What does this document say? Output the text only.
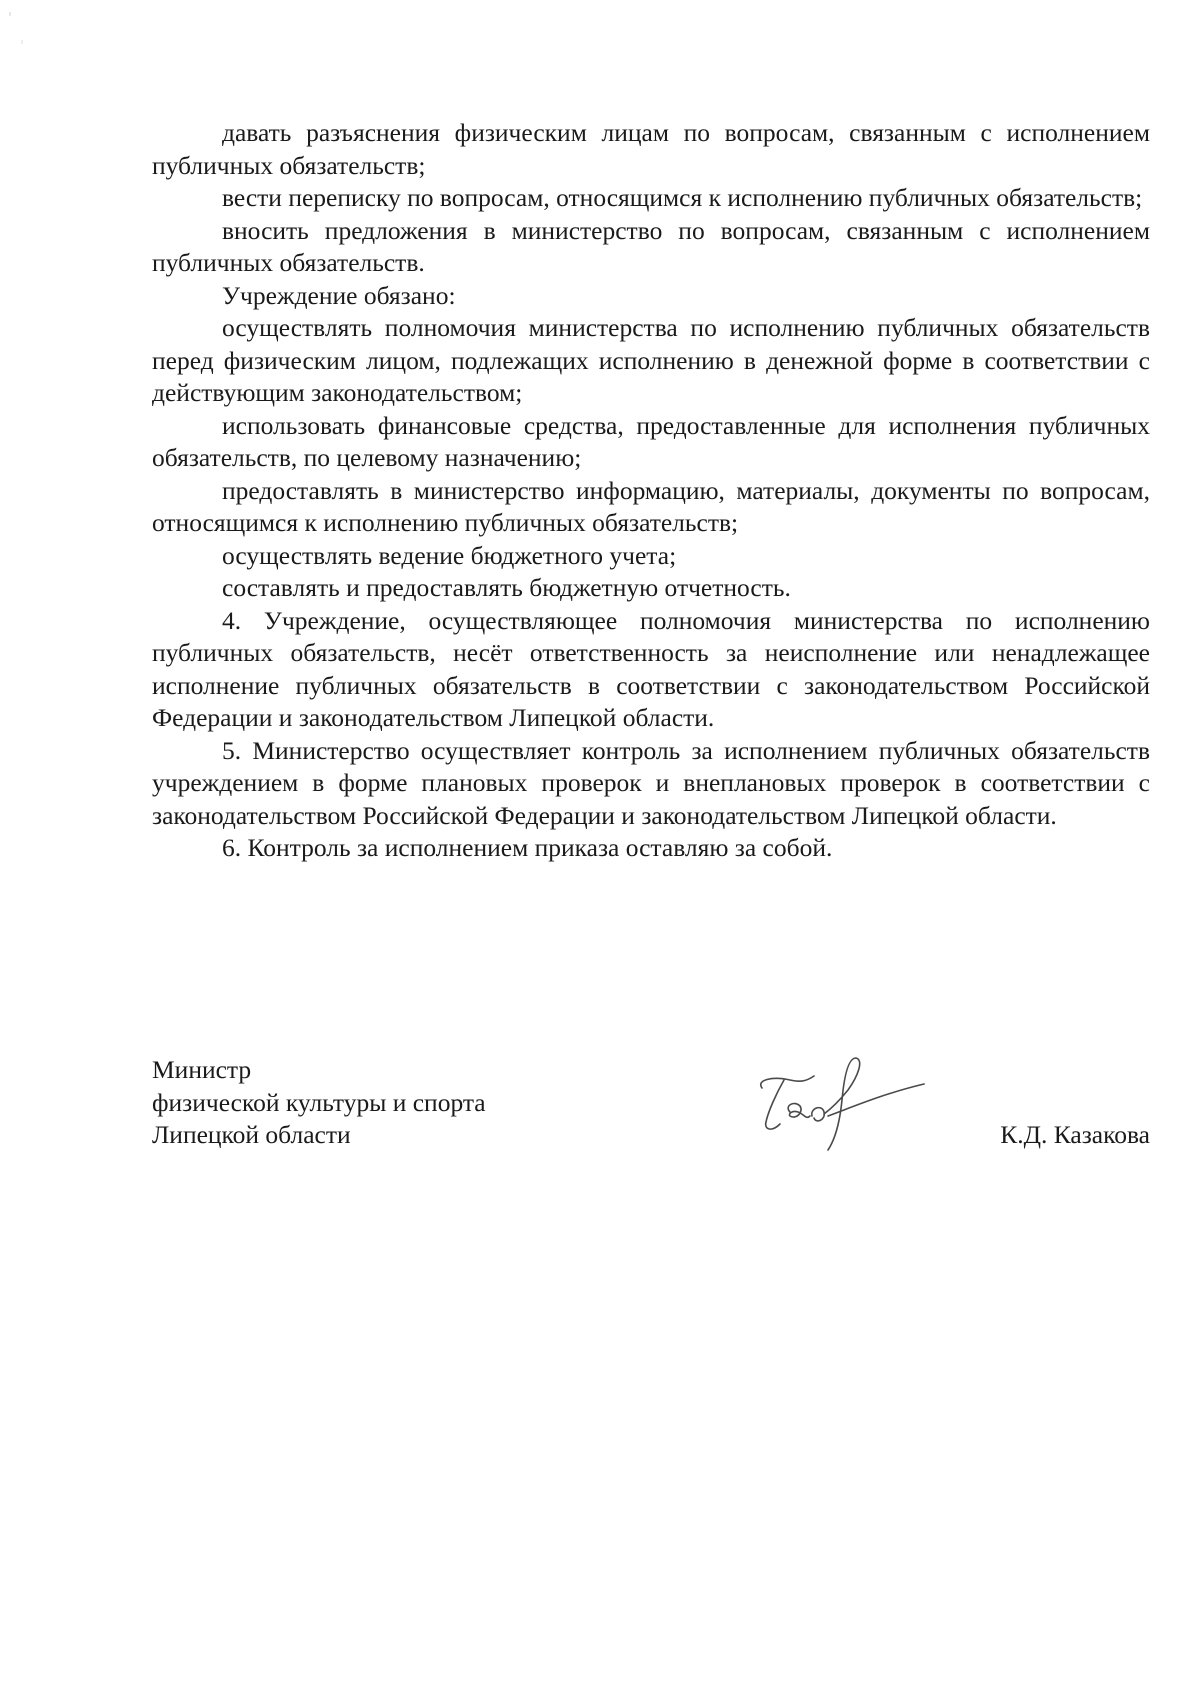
давать разъяснения физическим лицам по вопросам, связанным с исполнением публичных обязательств;

вести переписку по вопросам, относящимся к исполнению публичных обязательств;

вносить предложения в министерство по вопросам, связанным с исполнением публичных обязательств.

Учреждение обязано:

осуществлять полномочия министерства по исполнению публичных обязательств перед физическим лицом, подлежащих исполнению в денежной форме в соответствии с действующим законодательством;

использовать финансовые средства, предоставленные для исполнения публичных обязательств, по целевому назначению;

предоставлять в министерство информацию, материалы, документы по вопросам, относящимся к исполнению публичных обязательств;

осуществлять ведение бюджетного учета;

составлять и предоставлять бюджетную отчетность.

4. Учреждение, осуществляющее полномочия министерства по исполнению публичных обязательств, несёт ответственность за неисполнение или ненадлежащее исполнение публичных обязательств в соответствии с законодательством Российской Федерации и законодательством Липецкой области.

5. Министерство осуществляет контроль за исполнением публичных обязательств учреждением в форме плановых проверок и внеплановых проверок в соответствии с законодательством Российской Федерации и законодательством Липецкой области.

6. Контроль за исполнением приказа оставляю за собой.

Министр
физической культуры и спорта
Липецкой области	К.Д. Казакова
